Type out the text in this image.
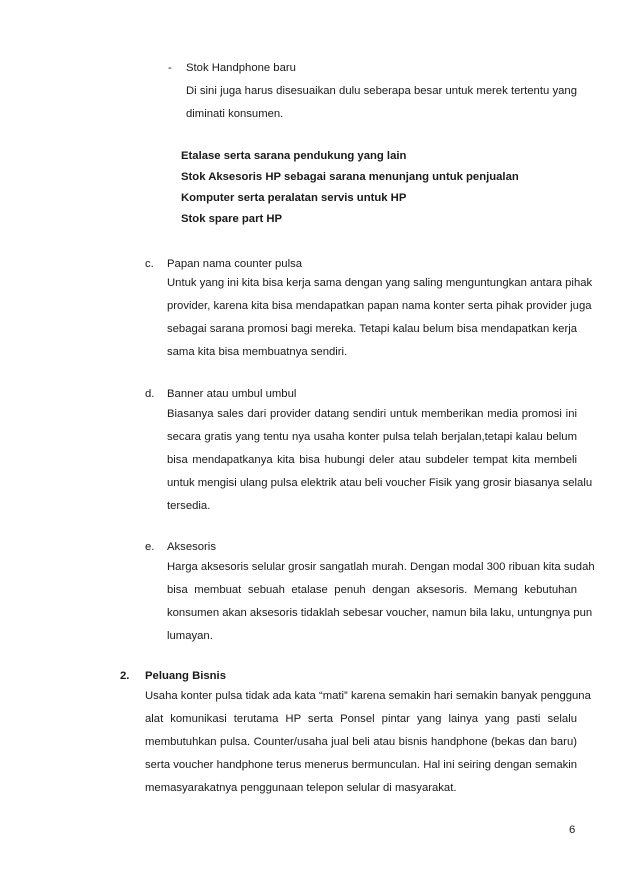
- Stok Handphone baru
Di sini juga harus disesuaikan dulu seberapa besar untuk merek tertentu yang
diminati konsumen.
Etalase serta sarana pendukung yang lain
Stok Aksesoris HP sebagai sarana menunjang untuk penjualan
Komputer serta peralatan servis untuk HP
Stok spare part HP
c. Papan nama counter pulsa
Untuk yang ini kita bisa kerja sama dengan yang saling menguntungkan antara pihak
provider, karena kita bisa mendapatkan papan nama konter serta pihak provider juga
sebagai sarana promosi bagi mereka. Tetapi kalau belum bisa mendapatkan kerja
sama kita bisa membuatnya sendiri.
d. Banner atau umbul umbul
Biasanya sales dari provider datang sendiri untuk memberikan media promosi ini
secara gratis yang tentu nya usaha konter pulsa telah berjalan,tetapi kalau belum
bisa mendapatkanya kita bisa hubungi deler atau subdeler tempat kita membeli
untuk mengisi ulang pulsa elektrik atau beli voucher Fisik yang grosir biasanya selalu
tersedia.
e. Aksesoris
Harga aksesoris selular grosir sangatlah murah. Dengan modal 300 ribuan kita sudah
bisa membuat sebuah etalase penuh dengan aksesoris. Memang kebutuhan
konsumen akan aksesoris tidaklah sebesar voucher, namun bila laku, untungnya pun
lumayan.
2. Peluang Bisnis
Usaha konter pulsa tidak ada kata “mati” karena semakin hari semakin banyak pengguna
alat komunikasi terutama HP serta Ponsel pintar yang lainya yang pasti selalu
membutuhkan pulsa. Counter/usaha jual beli atau bisnis handphone (bekas dan baru)
serta voucher handphone terus menerus bermunculan. Hal ini seiring dengan semakin
memasyarakatnya penggunaan telepon selular di masyarakat.
6
